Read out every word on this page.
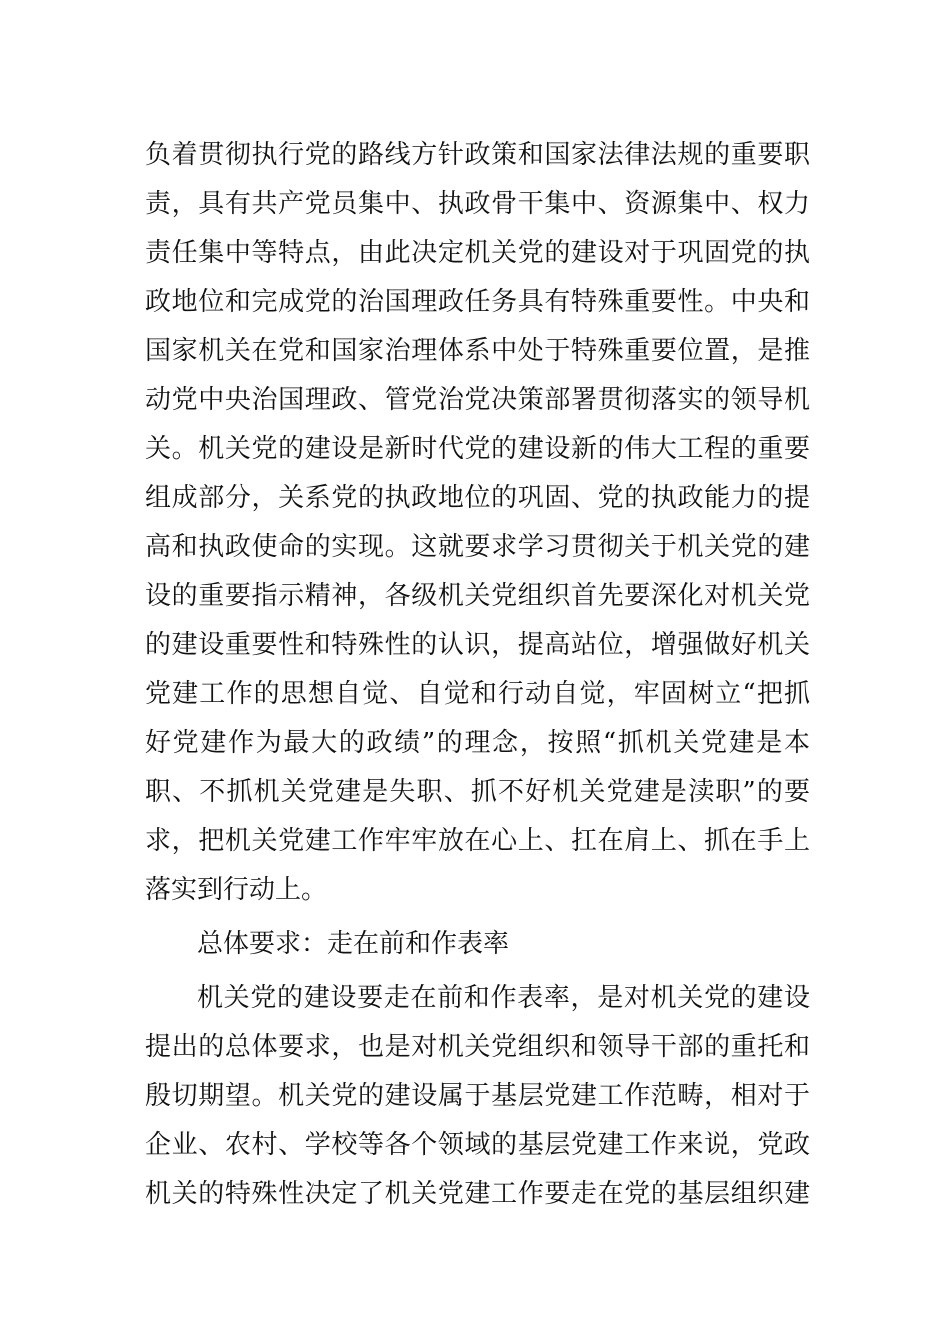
负着贯彻执行党的路线方针政策和国家法律法规的重要职
责，具有共产党员集中、执政骨干集中、资源集中、权力
责任集中等特点，由此决定机关党的建设对于巩固党的执
政地位和完成党的治国理政任务具有特殊重要性。中央和
国家机关在党和国家治理体系中处于特殊重要位置，是推
动党中央治国理政、管党治党决策部署贯彻落实的领导机
关。机关党的建设是新时代党的建设新的伟大工程的重要
组成部分，关系党的执政地位的巩固、党的执政能力的提
高和执政使命的实现。这就要求学习贯彻关于机关党的建
设的重要指示精神，各级机关党组织首先要深化对机关党
的建设重要性和特殊性的认识，提高站位，增强做好机关
党建工作的思想自觉、自觉和行动自觉，牢固树立“把抓
好党建作为最大的政绩”的理念，按照“抓机关党建是本
职、不抓机关党建是失职、抓不好机关党建是渎职”的要
求，把机关党建工作牢牢放在心上、扛在肩上、抓在手上
落实到行动上。
总体要求：走在前和作表率
机关党的建设要走在前和作表率，是对机关党的建设
提出的总体要求，也是对机关党组织和领导干部的重托和
殷切期望。机关党的建设属于基层党建工作范畴，相对于
企业、农村、学校等各个领域的基层党建工作来说，党政
机关的特殊性决定了机关党建工作要走在党的基层组织建
